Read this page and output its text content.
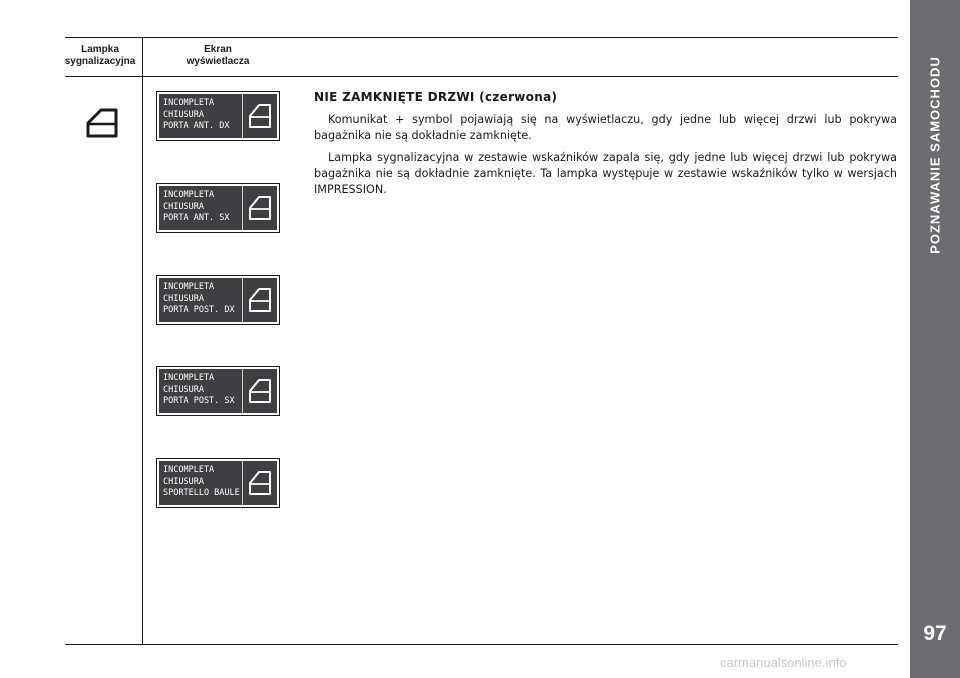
POZNAWANIE SAMOCHODU
97
Lampka
sygnalizacyjna
Ekran
wyświetlacza
INCOMPLETA
CHIUSURA
PORTA ANT. DX
INCOMPLETA
CHIUSURA
PORTA ANT. SX
INCOMPLETA
CHIUSURA
PORTA POST. DX
INCOMPLETA
CHIUSURA
PORTA POST. SX
INCOMPLETA
CHIUSURA
SPORTELLO BAULE
NIE ZAMKNIĘTE DRZWI (czerwona)

Komunikat + symbol pojawiają się na wyświetlaczu, gdy jedne lub więcej drzwi lub pokrywa bagażnika nie są dokładnie zamknięte.

Lampka sygnalizacyjna w zestawie wskaźników zapala się, gdy jedne lub więcej drzwi lub pokrywa bagażnika nie są dokładnie zamknięte. Ta lampka występuje w zestawie wskaźników tylko w wersjach IMPRESSION.

carmanualsonline.info
